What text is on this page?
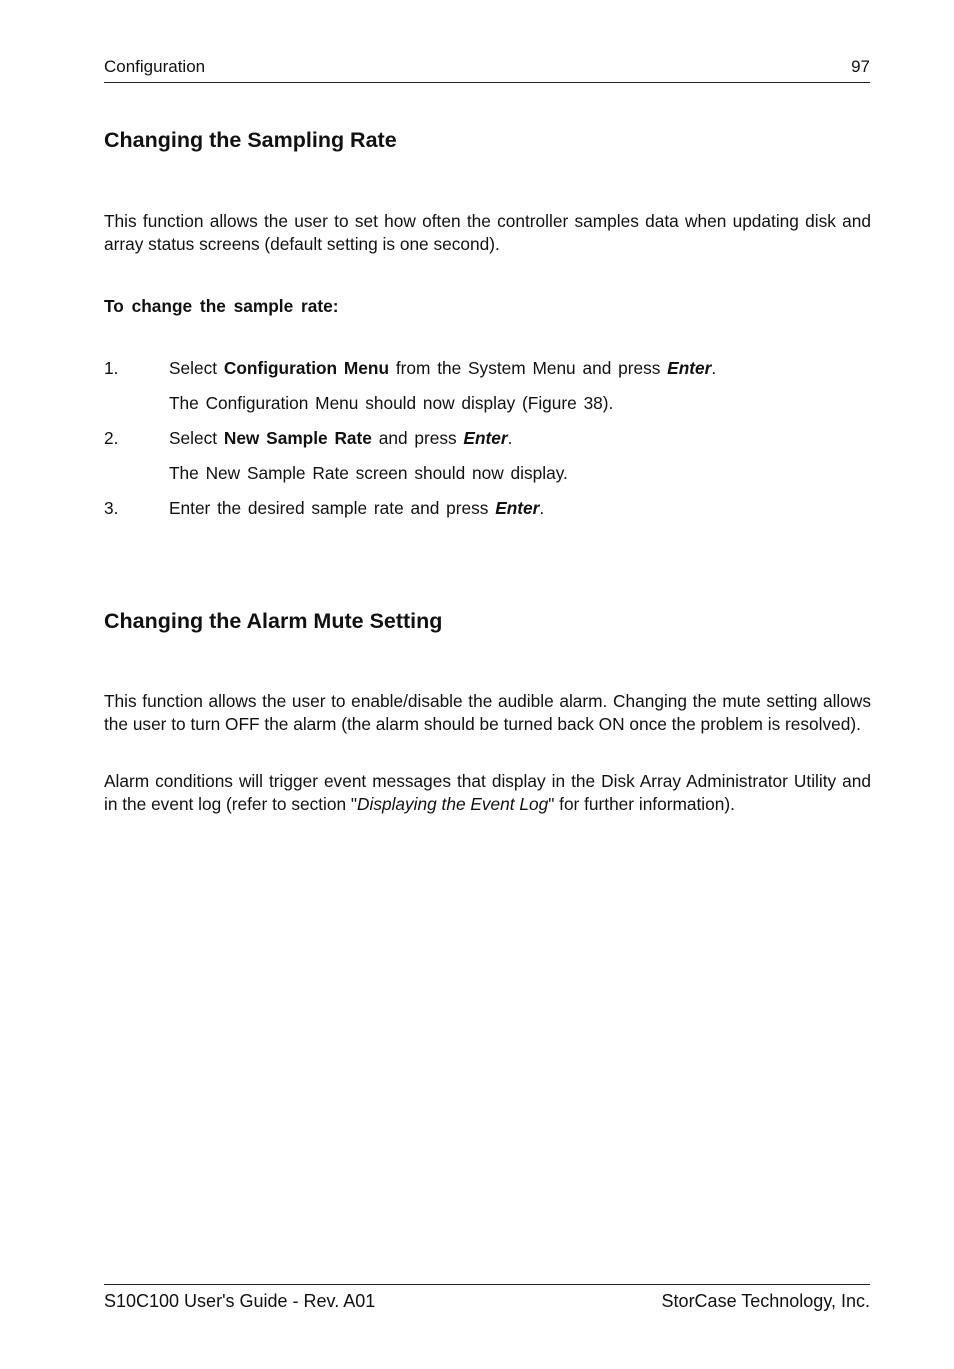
Configuration	97
Changing the Sampling Rate

This function allows the user to set how often the controller samples data when updating disk and array status screens (default setting is one second).

To change the sample rate:
1.	Select Configuration Menu from the System Menu and press Enter.
The Configuration Menu should now display (Figure 38).
2.	Select New Sample Rate and press Enter.
The New Sample Rate screen should now display.
3.	Enter the desired sample rate and press Enter.
Changing the Alarm Mute Setting

This function allows the user to enable/disable the audible alarm. Changing the mute setting allows the user to turn OFF the alarm (the alarm should be turned back ON once the problem is resolved).

Alarm conditions will trigger event messages that display in the Disk Array Administrator Utility and in the event log (refer to section "Displaying the Event Log" for further information).

S10C100 User's Guide - Rev. A01	StorCase Technology, Inc.
